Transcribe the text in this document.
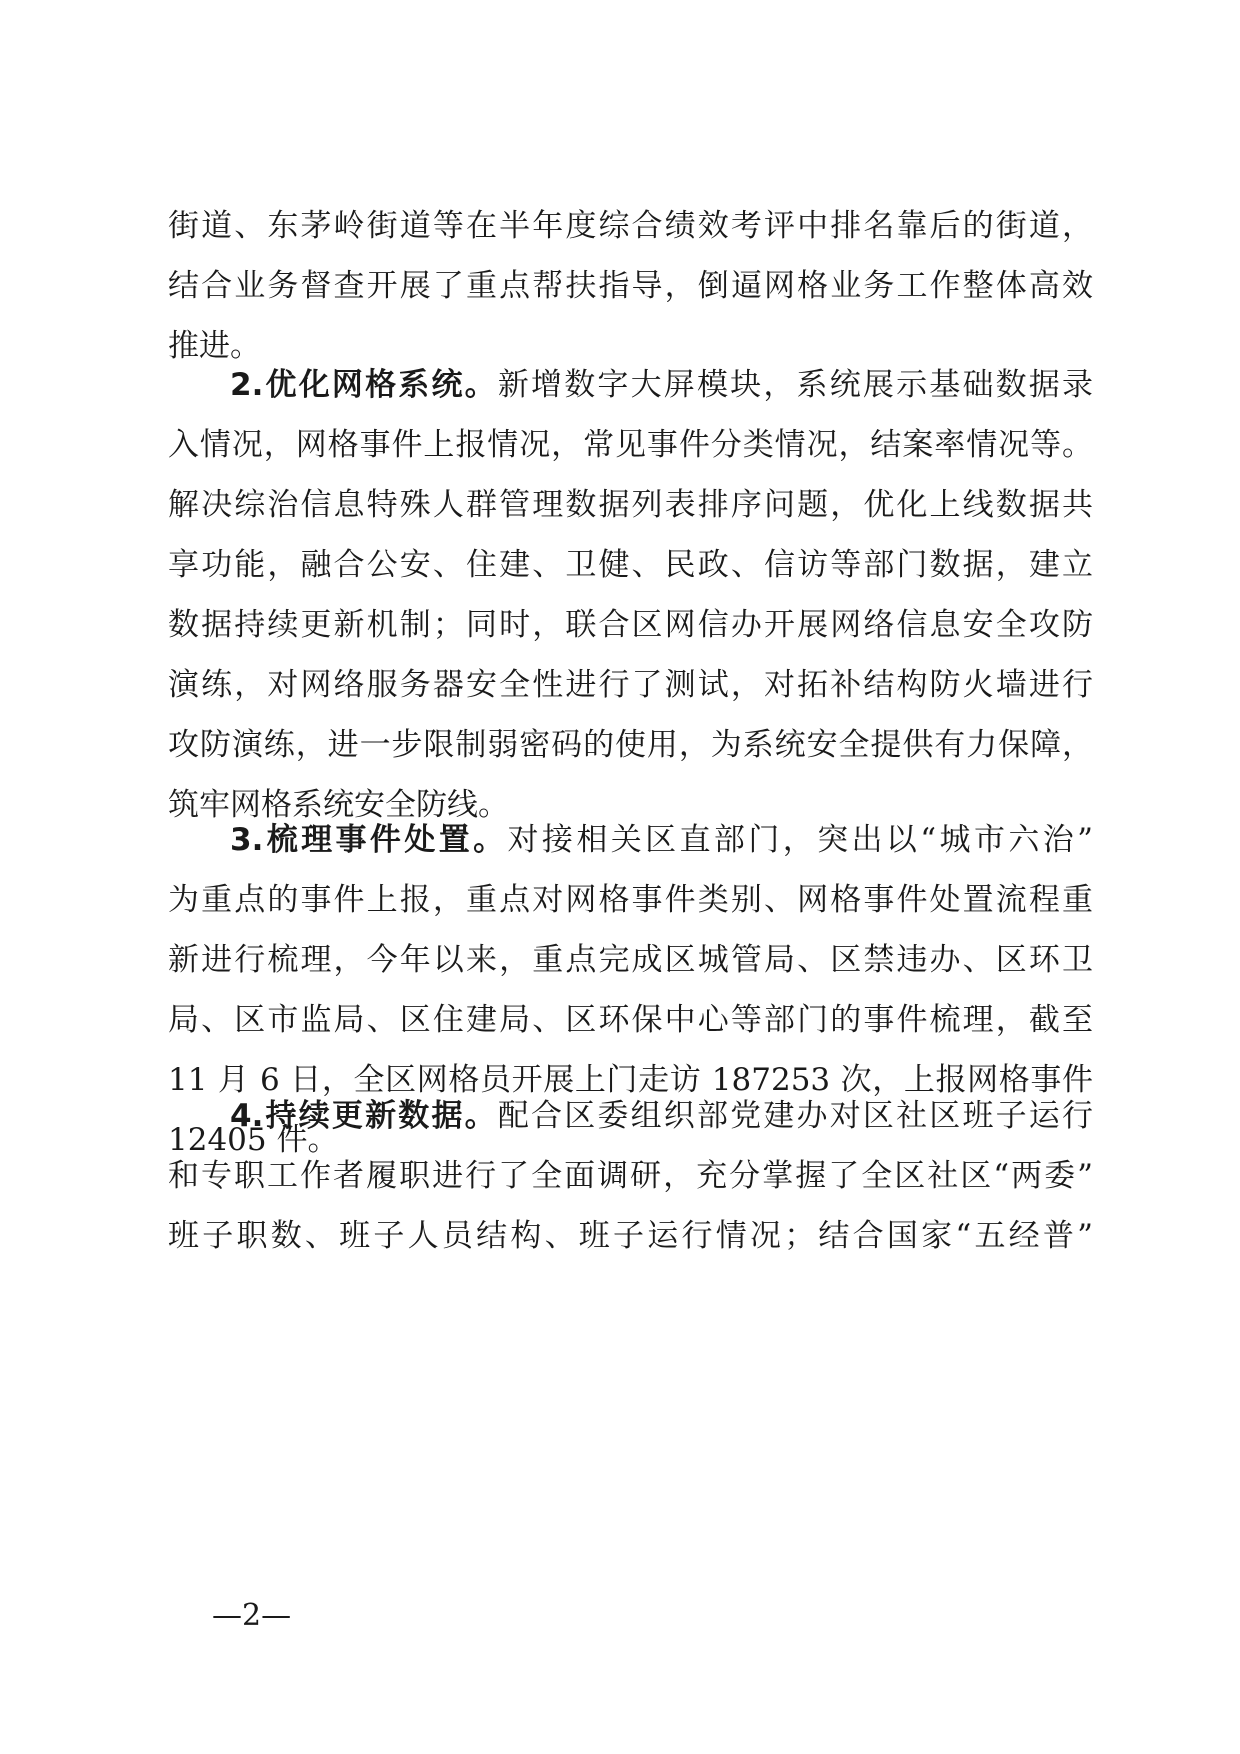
街道、东茅岭街道等在半年度综合绩效考评中排名靠后的街道，
结合业务督查开展了重点帮扶指导，倒逼网格业务工作整体高效
推进。
2.优化网格系统。新增数字大屏模块，系统展示基础数据录
入情况，网格事件上报情况，常见事件分类情况，结案率情况等。
解决综治信息特殊人群管理数据列表排序问题，优化上线数据共
享功能，融合公安、住建、卫健、民政、信访等部门数据，建立
数据持续更新机制；同时，联合区网信办开展网络信息安全攻防
演练，对网络服务器安全性进行了测试，对拓补结构防火墙进行
攻防演练，进一步限制弱密码的使用，为系统安全提供有力保障，
筑牢网格系统安全防线。
3.梳理事件处置。对接相关区直部门，突出以“城市六治”
为重点的事件上报，重点对网格事件类别、网格事件处置流程重
新进行梳理，今年以来，重点完成区城管局、区禁违办、区环卫
局、区市监局、区住建局、区环保中心等部门的事件梳理，截至
11 月 6 日，全区网格员开展上门走访 187253 次，上报网格事件
12405 件。
4.持续更新数据。配合区委组织部党建办对区社区班子运行
和专职工作者履职进行了全面调研，充分掌握了全区社区“两委”
班子职数、班子人员结构、班子运行情况；结合国家“五经普”
—2—
